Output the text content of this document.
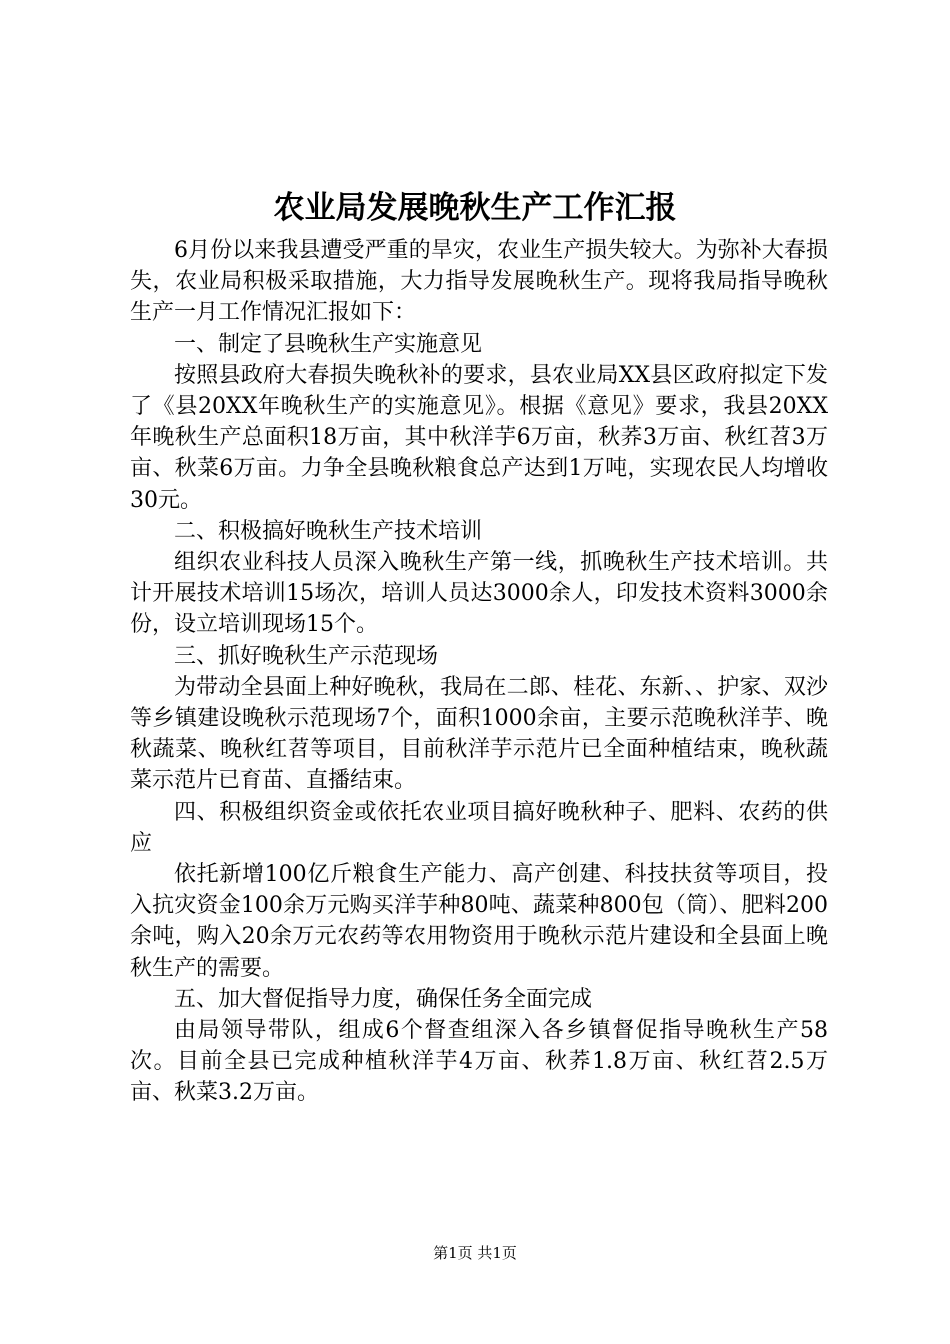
农业局发展晚秋生产工作汇报

6月份以来我县遭受严重的旱灾，农业生产损失较大。为弥补大春损失，农业局积极采取措施，大力指导发展晚秋生产。现将我局指导晚秋生产一月工作情况汇报如下：

一、制定了县晚秋生产实施意见

按照县政府大春损失晚秋补的要求，县农业局XX县区政府拟定下发了《县20XX年晚秋生产的实施意见》。根据《意见》要求，我县20XX年晚秋生产总面积18万亩，其中秋洋芋6万亩，秋荞3万亩、秋红苕3万亩、秋菜6万亩。力争全县晚秋粮食总产达到1万吨，实现农民人均增收30元。

二、积极搞好晚秋生产技术培训

组织农业科技人员深入晚秋生产第一线，抓晚秋生产技术培训。共计开展技术培训15场次，培训人员达3000余人，印发技术资料3000余份，设立培训现场15个。

三、抓好晚秋生产示范现场

为带动全县面上种好晚秋，我局在二郎、桂花、东新、、护家、双沙等乡镇建设晚秋示范现场7个，面积1000余亩，主要示范晚秋洋芋、晚秋蔬菜、晚秋红苕等项目，目前秋洋芋示范片已全面种植结束，晚秋蔬菜示范片已育苗、直播结束。

四、积极组织资金或依托农业项目搞好晚秋种子、肥料、农药的供应

依托新增100亿斤粮食生产能力、高产创建、科技扶贫等项目，投入抗灾资金100余万元购买洋芋种80吨、蔬菜种800包（筒）、肥料200余吨，购入20余万元农药等农用物资用于晚秋示范片建设和全县面上晚秋生产的需要。

五、加大督促指导力度，确保任务全面完成

由局领导带队，组成6个督查组深入各乡镇督促指导晚秋生产58次。目前全县已完成种植秋洋芋4万亩、秋荞1.8万亩、秋红苕2.5万亩、秋菜3.2万亩。

第1页 共1页
